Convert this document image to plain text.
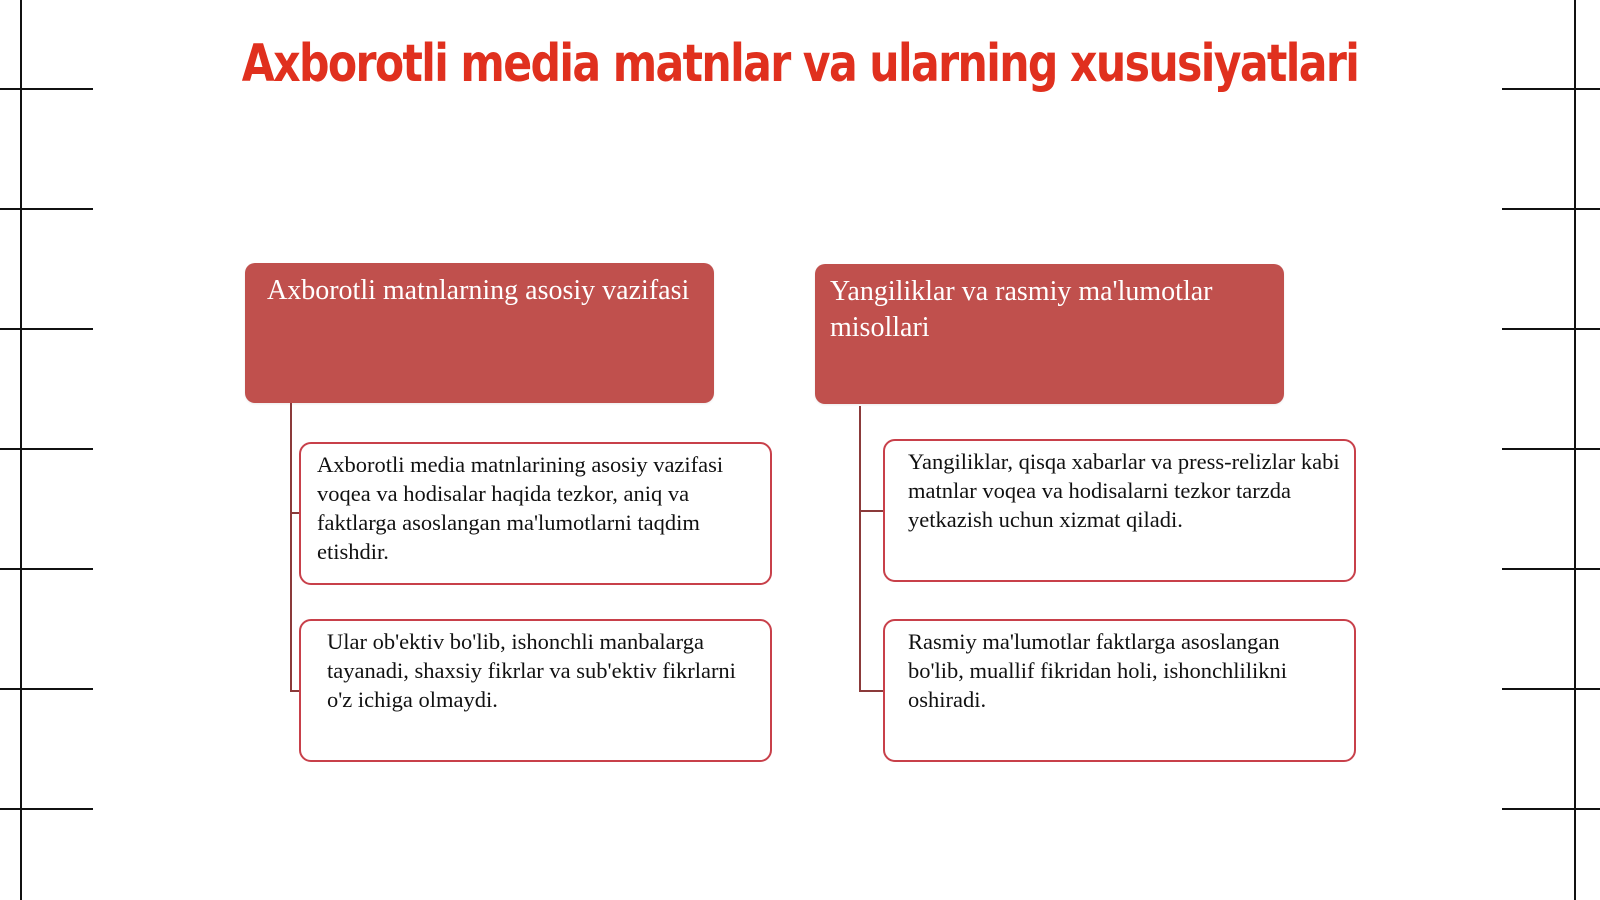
Axborotli media matnlar va ularning xususiyatlari
Axborotli matnlarning asosiy vazifasi
Axborotli media matnlarining asosiy vazifasi voqea va hodisalar haqida tezkor, aniq va faktlarga asoslangan ma'lumotlarni taqdim etishdir.
Ular ob'ektiv bo'lib, ishonchli manbalarga tayanadi, shaxsiy fikrlar va sub'ektiv fikrlarni o'z ichiga olmaydi.
Yangiliklar va rasmiy ma'lumotlar misollari
Yangiliklar, qisqa xabarlar va press-relizlar kabi matnlar voqea va hodisalarni tezkor tarzda yetkazish uchun xizmat qiladi.
Rasmiy ma'lumotlar faktlarga asoslangan bo'lib, muallif fikridan holi, ishonchlilikni oshiradi.
